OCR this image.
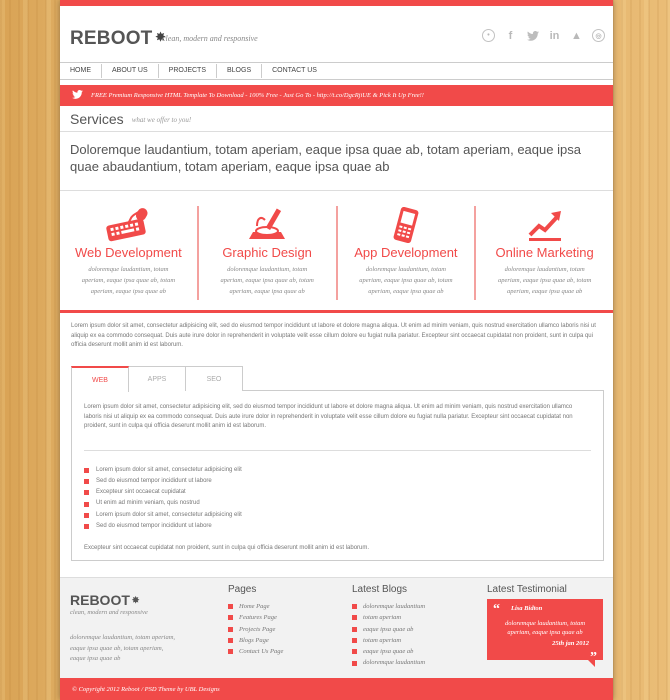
REBOOT ✸
clean, modern and responsive	•	f	in ▲	◎
HOME	ABOUT US	PROJECTS	BLOGS	CONTACT US
FREE Premium Responsive HTML Template To Download - 100% Free - Just Go To - http://t.co/DgcRjiUE & Pick It Up Free!!
Services what we offer to you!
Doloremque laudantium, totam aperiam, eaque ipsa quae ab, totam aperiam, eaque ipsa quae abaudantium, totam aperiam, eaque ipsa quae ab
Web Development

doloremque laudantium, totam aperiam, eaque ipsa quae ab, totam aperiam, eaque ipsa quae ab

Graphic Design

doloremque laudantium, totam aperiam, eaque ipsa quae ab, totam aperiam, eaque ipsa quae ab

App Development

doloremque laudantium, totam aperiam, eaque ipsa quae ab, totam aperiam, eaque ipsa quae ab

Online Marketing

doloremque laudantium, totam aperiam, eaque ipsa quae ab, totam aperiam, eaque ipsa quae ab

Lorem ipsum dolor sit amet, consectetur adipisicing elit, sed do eiusmod tempor incididunt ut labore et dolore magna aliqua. Ut enim ad minim veniam, quis nostrud exercitation ullamco laboris nisi ut aliquip ex ea commodo consequat. Duis aute irure dolor in reprehenderit in voluptate velit esse cillum dolore eu fugiat nulla pariatur. Excepteur sint occaecat cupidatat non proident, sunt in culpa qui officia deserunt mollit anim id est laborum.
WEB	APPS	SEO
Lorem ipsum dolor sit amet, consectetur adipisicing elit, sed do eiusmod tempor incididunt ut labore et dolore magna aliqua. Ut enim ad minim veniam, quis nostrud exercitation ullamco laboris nisi ut aliquip ex ea commodo consequat. Duis aute irure dolor in reprehenderit in voluptate velit esse cillum dolore eu fugiat nulla pariatur. Excepteur sint occaecat cupidatat non proident, sunt in culpa qui officia deserunt mollit anim id est laborum.
Lorem ipsum dolor sit amet, consectetur adipisicing elit
Sed do eiusmod tempor incididunt ut labore
Excepteur sint occaecat cupidatat
Ut enim ad minim veniam, quis nostrud
Lorem ipsum dolor sit amet, consectetur adipisicing elit
Sed do eiusmod tempor incididunt ut labore
Excepteur sint occaecat cupidatat non proident, sunt in culpa qui officia deserunt mollit anim id est laborum.
REBOOT ✸
clean, modern and responsive
doloremque laudantium, totam aperiam, eaque ipsa quae ab, totam aperiam, eaque ipsa quae ab
Pages
Home Page
Features Page
Projects Page
Blogs Page
Contact Us Page
Latest Blogs
doloremque laudantium
totam aperiam
eaque ipsa quae ab
totam aperiam
eaque ipsa quae ab
doloremque laudantium
Latest Testimonial
“ Lisa Bidton
doloremque laudantium, totam aperiam, eaque ipsa quae ab
25th jan 2012
”
© Copyright 2012 Reboot / PSD Theme by UBL Designs
